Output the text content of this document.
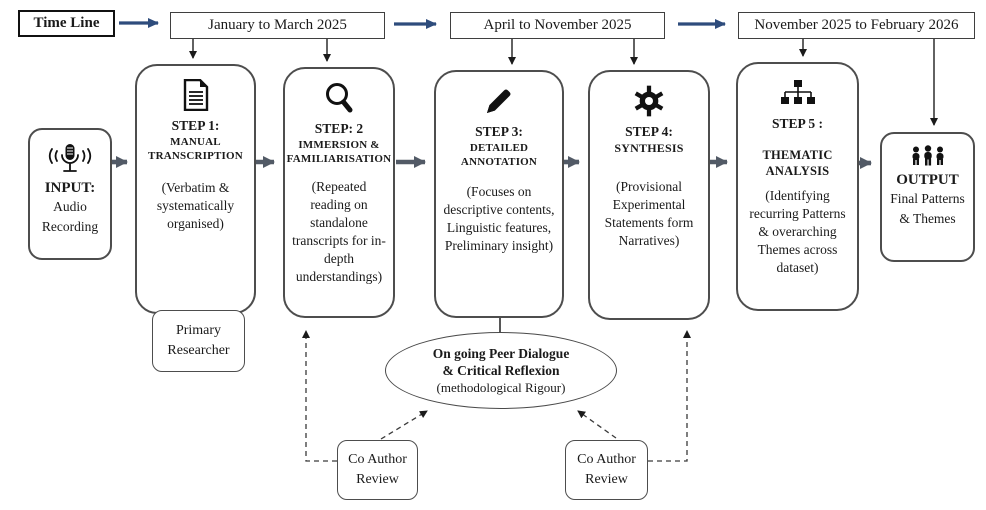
Time Line	January to March 2025	April to November 2025	November 2025 to February 2026
INPUT:
Audio Recording
STEP 1:
MANUAL TRANSCRIPTION
(Verbatim & systematically organised)
STEP: 2
IMMERSION & FAMILIARISATION
(Repeated reading on standalone transcripts for in-depth understandings)
STEP 3:
DETAILED ANNOTATION
(Focuses on descriptive contents, Linguistic features, Preliminary insight)
STEP 4:
SYNTHESIS
(Provisional Experimental Statements form Narratives)
STEP 5 :
THEMATIC ANALYSIS
(Identifying recurring Patterns & overarching Themes across dataset)
OUTPUT
Final Patterns & Themes
Primary Researcher	On going Peer Dialogue
& Critical Reflexion
(methodological Rigour)
Co Author Review
Co Author Review
